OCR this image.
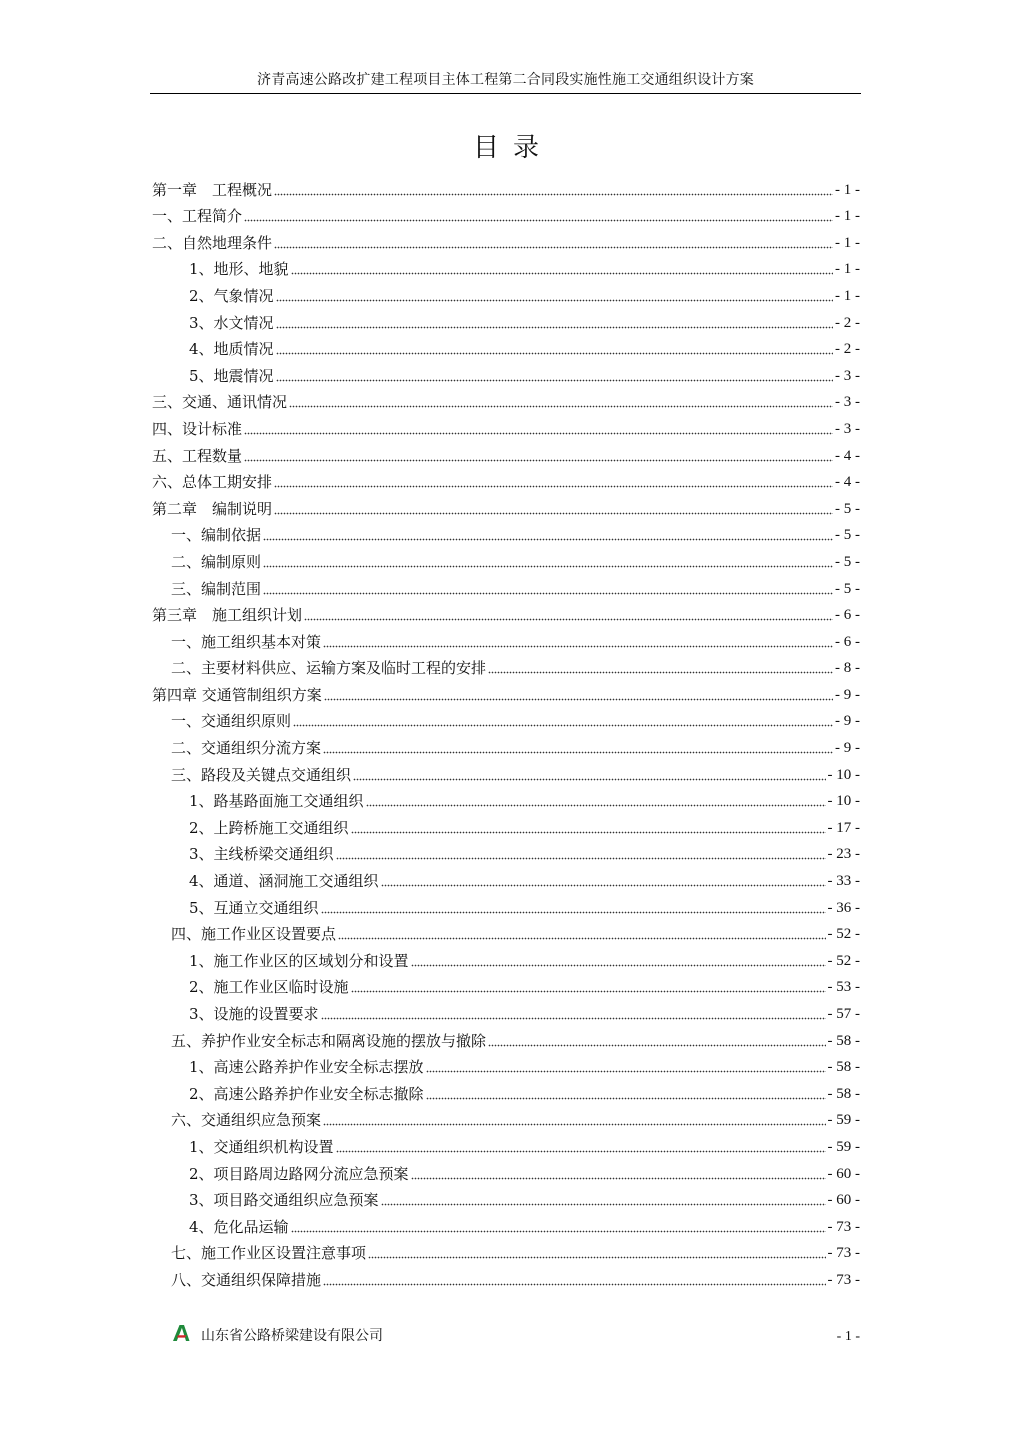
济青高速公路改扩建工程项目主体工程第二合同段实施性施工交通组织设计方案
目录
第一章　工程概况	- 1 -
一、工程简介	- 1 -
二、自然地理条件	- 1 -
1、地形、地貌	- 1 -
2、气象情况	- 1 -
3、水文情况	- 2 -
4、地质情况	- 2 -
5、地震情况	- 3 -
三、交通、通讯情况	- 3 -
四、设计标准	- 3 -
五、工程数量	- 4 -
六、总体工期安排	- 4 -
第二章　编制说明	- 5 -
一、编制依据	- 5 -
二、编制原则	- 5 -
三、编制范围	- 5 -
第三章　施工组织计划	- 6 -
一、施工组织基本对策	- 6 -
二、主要材料供应、运输方案及临时工程的安排	- 8 -
第四章 交通管制组织方案	- 9 -
一、交通组织原则	- 9 -
二、交通组织分流方案	- 9 -
三、路段及关键点交通组织	- 10 -
1、路基路面施工交通组织	- 10 -
2、上跨桥施工交通组织	- 17 -
3、主线桥梁交通组织	- 23 -
4、通道、涵洞施工交通组织	- 33 -
5、互通立交通组织	- 36 -
四、施工作业区设置要点	- 52 -
1、施工作业区的区域划分和设置	- 52 -
2、施工作业区临时设施	- 53 -
3、设施的设置要求	- 57 -
五、养护作业安全标志和隔离设施的摆放与撤除	- 58 -
1、高速公路养护作业安全标志摆放	- 58 -
2、高速公路养护作业安全标志撤除	- 58 -
六、交通组织应急预案	- 59 -
1、交通组织机构设置	- 59 -
2、项目路周边路网分流应急预案	- 60 -
3、项目路交通组织应急预案	- 60 -
4、危化品运输	- 73 -
七、施工作业区设置注意事项	- 73 -
八、交通组织保障措施	- 73 -
山东省公路桥梁建设有限公司	- 1 -
